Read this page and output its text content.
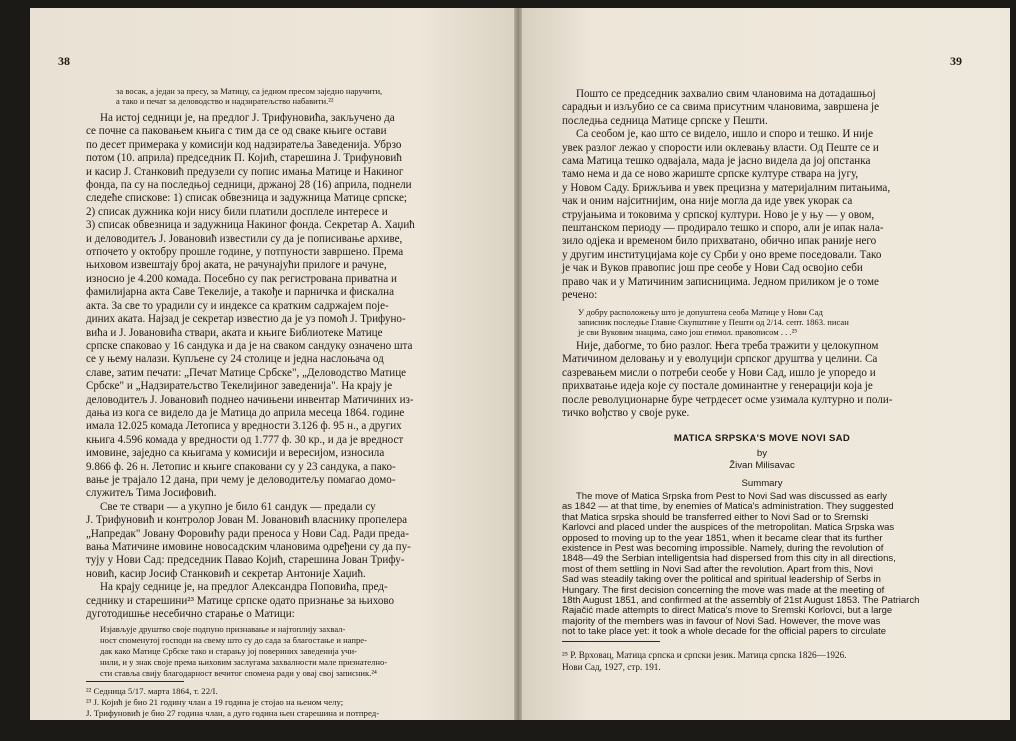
38
за восак, а један за пресу, за Матицу, са једном пресом заједно наручити,
а тако и печат за деловодство и надзиратељство набавити.²²
На истој седници је, на предлог Ј. Трифуновића, закључено да
се почне са паковањем књига с тим да се од сваке књиге остави
по десет примерака у комисији код надзиратеља Заведенија. Убрзо
потом (10. априла) председник П. Којић, старешина Ј. Трифуновић
и касир Ј. Станковић предузели су попис имања Матице и Накиног
фонда, па су на последњој седници, држаној 28 (16) априла, поднели
следеће спискове: 1) списак обвезница и задужница Матице српске;
2) списак дужника који нису били платили досплеле интересе и
3) списак обвезница и задужница Накиног фонда. Секретар А. Хаџић
и деловодитељ Ј. Јовановић известили су да је пописивање архиве,
отпочето у октобру прошле године, у потпуности завршено. Према
њиховом извештају број аката, не рачунајући прилоге и рачуне,
износио је 4.200 комада. Посебно су пак регистрована приватна и
фамилијарна акта Саве Текелије, а такође и парничка и фискална
акта. За све то урадили су и индексе са кратким садржајем поје-
диних аката. Најзад је секретар известио да је уз помоћ Ј. Трифуно-
вића и Ј. Јовановића ствари, аката и књиге Библиотеке Матице
српске спаковао у 16 сандука и да је на сваком сандуку означено шта
се у њему налази. Купљене су 24 столице и једна наслоњача од
славе, затим печати: „Печат Матице Србске", „Деловодство Матице
Србске" и „Надзиратељство Текелијиног заведенија". На крају је
деловодитељ Ј. Јовановић поднео начињени инвентар Матичиних из-
дања из кога се видело да је Матица до априла месеца 1864. године
имала 12.025 комада Летописа у вредности 3.126 ф. 95 н., а других
књига 4.596 комада у вредности од 1.777 ф. 30 кр., и да је вредност
имовине, заједно са књигама у комисији и вересијом, износила
9.866 ф. 26 н. Летопис и књиге спаковани су у 23 сандука, а пако-
вање је трајало 12 дана, при чему је деловодитељу помагао домо-
служитељ Тима Јосифовић.
Све те ствари — а укупно је било 61 сандук — предали су
Ј. Трифуновић и контролор Јован М. Јовановић власнику пропелера
„Напредак" Јовану Форовићу ради преноса у Нови Сад. Ради преда-
вања Матичине имовине новосадским члановима одређени су да пу-
тују у Нови Сад: председник Паваo Којић, старешина Јован Трифу-
новић, касир Јосиф Станковић и секретар Антоније Хаџић.
На крају седнице је, на предлог Александра Поповића, пред-
седнику и старешини²³ Матице српске одато признање за њихово
дуготодишње несебично старање о Матици:
Изјављује друштво своје подпуно признавање и најтоплију захвал-
ност споменутој господи на свему што су до сада за благостање и напре-
дак како Матице Србске тако и старању јој повериних заведенија учи-
нили, и у знак своје према њиховим заслугама захвалности мале признателно-
сти ставља свију благодарност вечитог спомена ради у овај свој записник.²⁴
²² Седница 5/17. марта 1864, т. 22/I.
²³ Ј. Којић је био 21 годину члан а 19 година је стојао на њеном челу;
Ј. Трифуновић је био 27 година члан, а дуго година њен старешина и потпред-
седник.
²⁴ Седница 16/28. априла 1864, т. 60/I.
39
Пошто се председник захвалио свим члановима на дотадашњој
сарадњи и изљубио се са свима присутним члановима, завршена је
последња седница Матице српске у Пешти.
Са сеобом је, као што се видело, ишло и споро и тешко. И није
увек разлог лежао у спорости или оклевању власти. Од Пеште се и
сама Матица тешко одвајала, мада је јасно видела да јој опстанка
тамо нема и да се ново жариште српске културе ствара на југу,
у Новом Саду. Брижљива и увек прецизна у материјалним питањима,
чак и оним најситнијим, она није могла да иде увек укорак са
струјањима и токовима у српској култури. Ново је у њу — у овом,
пештанском периоду — продирало тешко и споро, али је ипак нала-
зило одјека и временом било прихватано, обично ипак раније него
у другим институцијама које су Срби у оно време поседовали. Тако
је чак и Вуков правопис још пре сеобе у Нови Сад освојио себи
право чак и у Матичиним записницима. Једном приликом је о томе
речено:
У добру расположењу што је допуштена сеоба Матице у Нови Сад
записник последње Главне Скупштине у Пешти од 2/14. септ. 1863. писан
је сви Вуковим знацима, само још етимол. правописом . . .²⁵
Није, дабогме, то био разлог. Њега треба тражити у целокупном
Матичином деловању и у еволуцији српског друштва у целини. Са
сазревањем мисли о потреби сеобе у Нови Сад, ишло је упоредо и
прихватање идеја које су постале доминантне у генерацији која је
после револуционарне буре четрдесет осме узимала културно и поли-
тичко вођство у своје руке.
MATICA SRPSKA'S MOVE NOVI SAD
by
Živan Milisavac
Summary
The move of Matica Srpska from Pest to Novi Sad was discussed as early
as 1842 — at that time, by enemies of Matica's administration. They suggested
that Matica srpska should be transferred either to Novi Sad or to Sremski
Karlovci and placed under the auspices of the metropolitan. Matica Srpska was
opposed to moving up to the year 1851, when it became clear that its further
existence in Pest was becoming impossible. Namely, during the revolution of
1848—49 the Serbian intelligentsia had dispersed from this city in all directions,
most of them settling in Novi Sad after the revolution. Apart from this, Novi
Sad was steadily taking over the political and spiritual leadership of Serbs in
Hungary. The first decision concerning the move was made at the meeting of
18th August 1851, and confirmed at the assembly of 21st August 1853. The Patriarch
Rajačić made attempts to direct Matica's move to Sremski Korlovci, but a large
majority of the members was in favour of Novi Sad. However, the move was
not to take place yet: it took a whole decade for the official papers to circulate
²⁵ Р. Врховац, Матица српска и српски језик. Матица српска 1826—1926.
Нови Сад, 1927, стр. 191.
